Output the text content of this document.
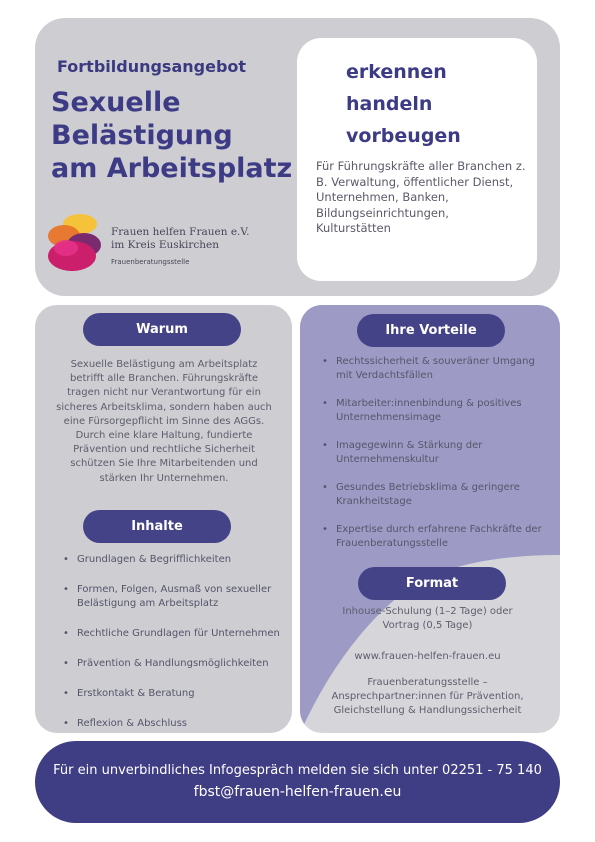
Fortbildungsangebot
Sexuelle
Belästigung
am Arbeitsplatz
Frauen helfen Frauen e.V.
im Kreis Euskirchen
Frauenberatungsstelle
erkennen
handeln
vorbeugen
Für Führungskräfte aller Branchen z. B. Verwaltung, öffentlicher Dienst, Unternehmen, Banken, Bildungseinrichtungen, Kulturstätten
Warum
Sexuelle Belästigung am Arbeitsplatz betrifft alle Branchen. Führungskräfte tragen nicht nur Verantwortung für ein sicheres Arbeitsklima, sondern haben auch eine Fürsorgepflicht im Sinne des AGGs. Durch eine klare Haltung, fundierte Prävention und rechtliche Sicherheit schützen Sie Ihre Mitarbeitenden und stärken Ihr Unternehmen.
Inhalte
• Grundlagen & Begrifflichkeiten
• Formen, Folgen, Ausmaß von sexueller Belästigung am Arbeitsplatz
• Rechtliche Grundlagen für Unternehmen
• Prävention & Handlungsmöglichkeiten
• Erstkontakt & Beratung
• Reflexion & Abschluss
Ihre Vorteile
• Rechtssicherheit & souveräner Umgang mit Verdachtsfällen
• Mitarbeiter:innenbindung & positives Unternehmensimage
• Imagegewinn & Stärkung der Unternehmenskultur
• Gesundes Betriebsklima & geringere Krankheitstage
• Expertise durch erfahrene Fachkräfte der Frauenberatungsstelle
Format
Inhouse-Schulung (1–2 Tage) oder Vortrag (0,5 Tage)
www.frauen-helfen-frauen.eu
Frauenberatungsstelle – Ansprechpartner:innen für Prävention, Gleichstellung & Handlungssicherheit
Für ein unverbindliches Infogespräch melden sie sich unter 02251 - 75 140
fbst@frauen-helfen-frauen.eu
